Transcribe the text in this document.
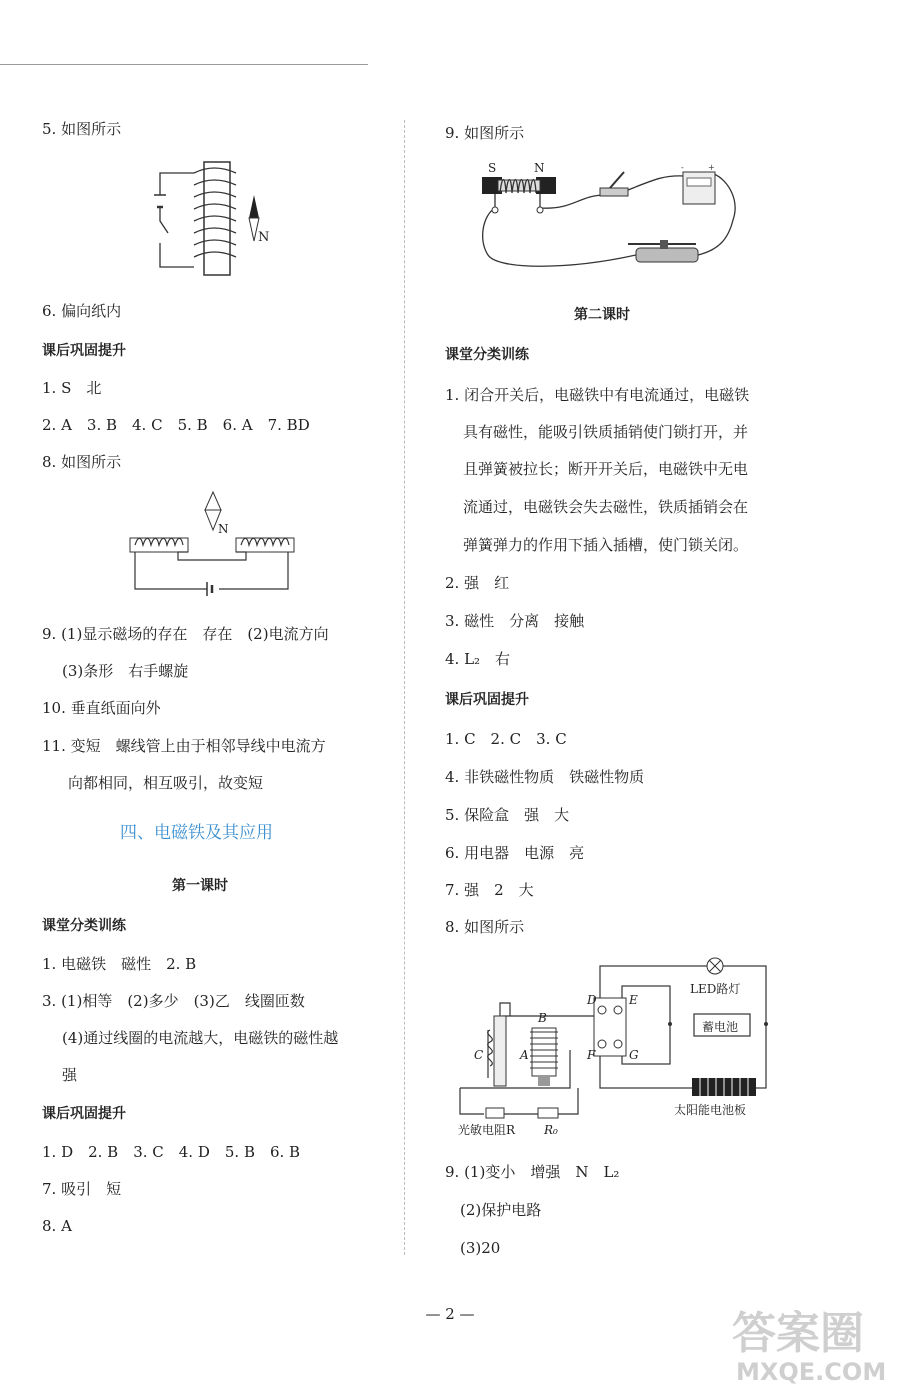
5. 如图所示
N
6. 偏向纸内
课后巩固提升
1. S　北
2. A　3. B　4. C　5. B　6. A　7. BD
8. 如图所示
N
9. (1)显示磁场的存在　存在　(2)电流方向
(3)条形　右手螺旋
10. 垂直纸面向外
11. 变短　螺线管上由于相邻导线中电流方
向都相同，相互吸引，故变短
四、电磁铁及其应用
第一课时
课堂分类训练
1. 电磁铁　磁性　2. B
3. (1)相等　(2)多少　(3)乙　线圈匝数
(4)通过线圈的电流越大，电磁铁的磁性越
强
课后巩固提升
1. D　2. B　3. C　4. D　5. B　6. B
7. 吸引　短
8. A
9. 如图所示
-	+
S	N
第二课时
课堂分类训练
1. 闭合开关后，电磁铁中有电流通过，电磁铁
具有磁性，能吸引铁质插销使门锁打开，并
且弹簧被拉长；断开开关后，电磁铁中无电
流通过，电磁铁会失去磁性，铁质插销会在
弹簧弹力的作用下插入插槽，使门锁关闭。
2. 强　红
3. 磁性　分离　接触
4. L₂　右
课后巩固提升
1. C　2. C　3. C
4. 非铁磁性物质　铁磁性物质
5. 保险盒　强　大
6. 用电器　电源　亮
7. 强　2　大
8. 如图所示
LED路灯
蓄电池
太阳能电池板
光敏电阻R R₀
B
A
C
D	E
F	G
9. (1)变小　增强　N　L₂
(2)保护电路
(3)20
— 2 —	答案圈
MXQE.COM
